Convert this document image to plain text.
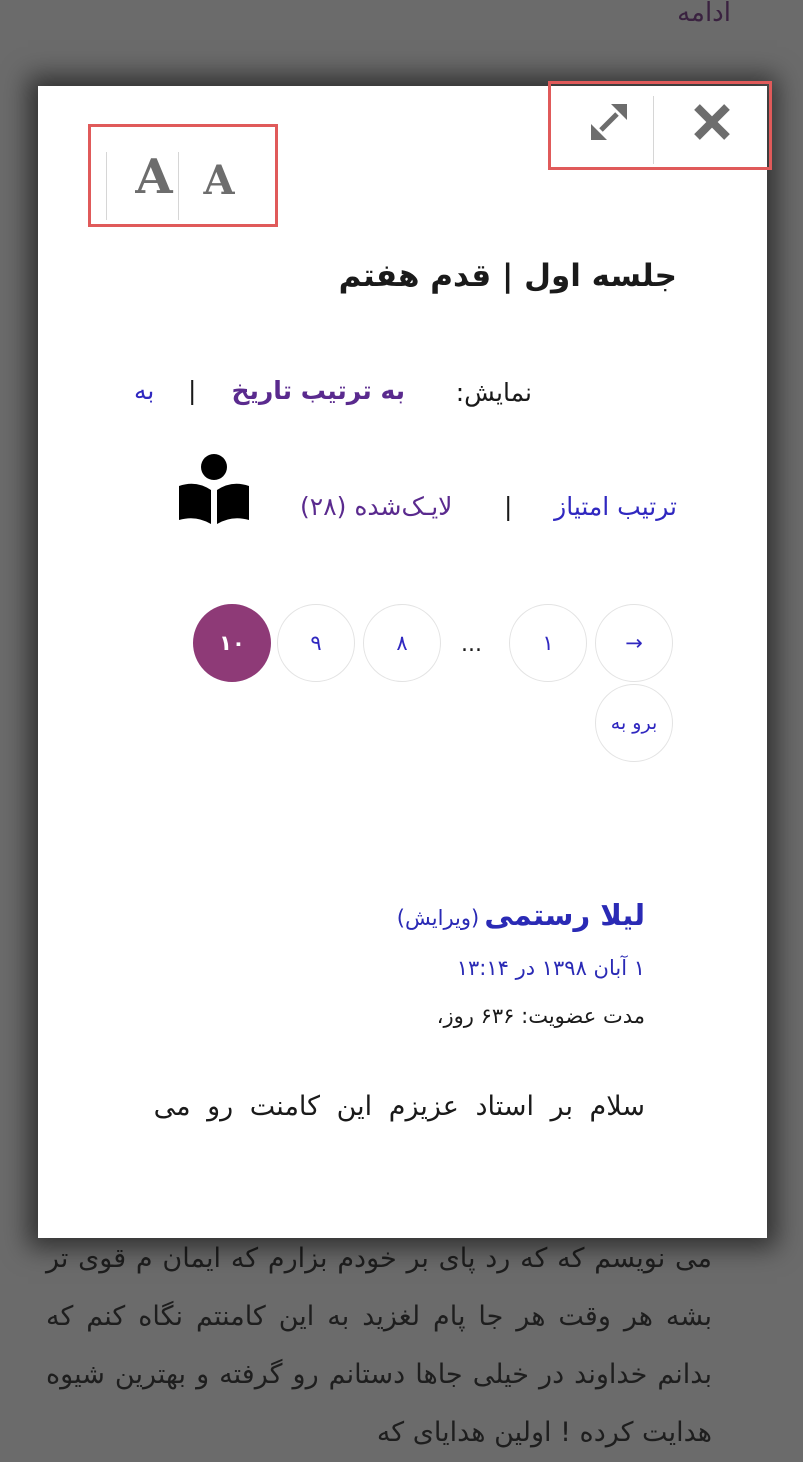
ادامه
می نویسم که که رد پای بر خودم بزارم که ایمان م قوی تر بشه هر وقت هر جا پام لغزید به این کامنتم نگاه کنم که بدانم خداوند در خیلی جاها دستانم رو گرفته و بهترین شیوه هدایت کرده ! اولین هدایای که
A A
جلسه اول | قدم هفتم
نمایش:
به ترتیب تاریخ
|
به
ترتیب امتیاز
|
لایـک‌شده (۲۸)
→
۱
...
۸
۹
۱۰
برو به
لیلا رستمی (ویرایش)
۱ آبان ۱۳۹۸ در ۱۳:۱۴
مدت عضویت: ۶۳۶ روز،
سلام بر استاد عزیزم این کامنت رو می
